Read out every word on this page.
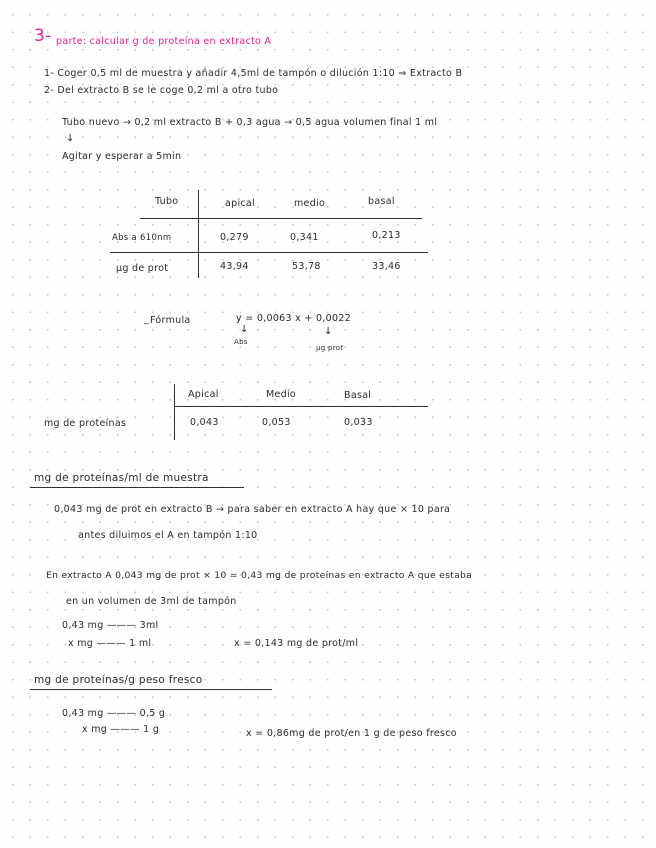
3- parte: calcular g de proteína en extracto A
1- Coger 0,5 ml de muestra y añadir 4,5ml de tampón o dilución 1:10 ⇒ Extracto B
2- Del extracto B se le coge 0,2 ml a otro tubo
Tubo nuevo → 0,2 ml extracto B + 0,3 agua → 0,5 agua volumen final 1 ml
↓
Agitar y esperar a 5min
Tubo	apical	medio	basal
Abs a 610nm	0,279	0,341	0,213
µg de prot	43,94	53,78	33,46
_ Fórmula	y = 0,0063 x + 0,0022
↓
Abs
↓
µg prot
Apical	Medio	Basal
mg de proteínas	0,043	0,053	0,033
mg de proteínas/ml de muestra
0,043 mg de prot en extracto B → para saber en extracto A hay que × 10 para
antes diluimos el A en tampón 1:10
En extracto A 0,043 mg de prot × 10 = 0,43 mg de proteínas en extracto A que estaba
en un volumen de 3ml de tampón
0,43 mg ——— 3ml
x mg ——— 1 ml	x = 0,143 mg de prot/ml
mg de proteínas/g peso fresco
0,43 mg ——— 0,5 g
x mg ——— 1 g	x = 0,86mg de prot/en 1 g de peso fresco
